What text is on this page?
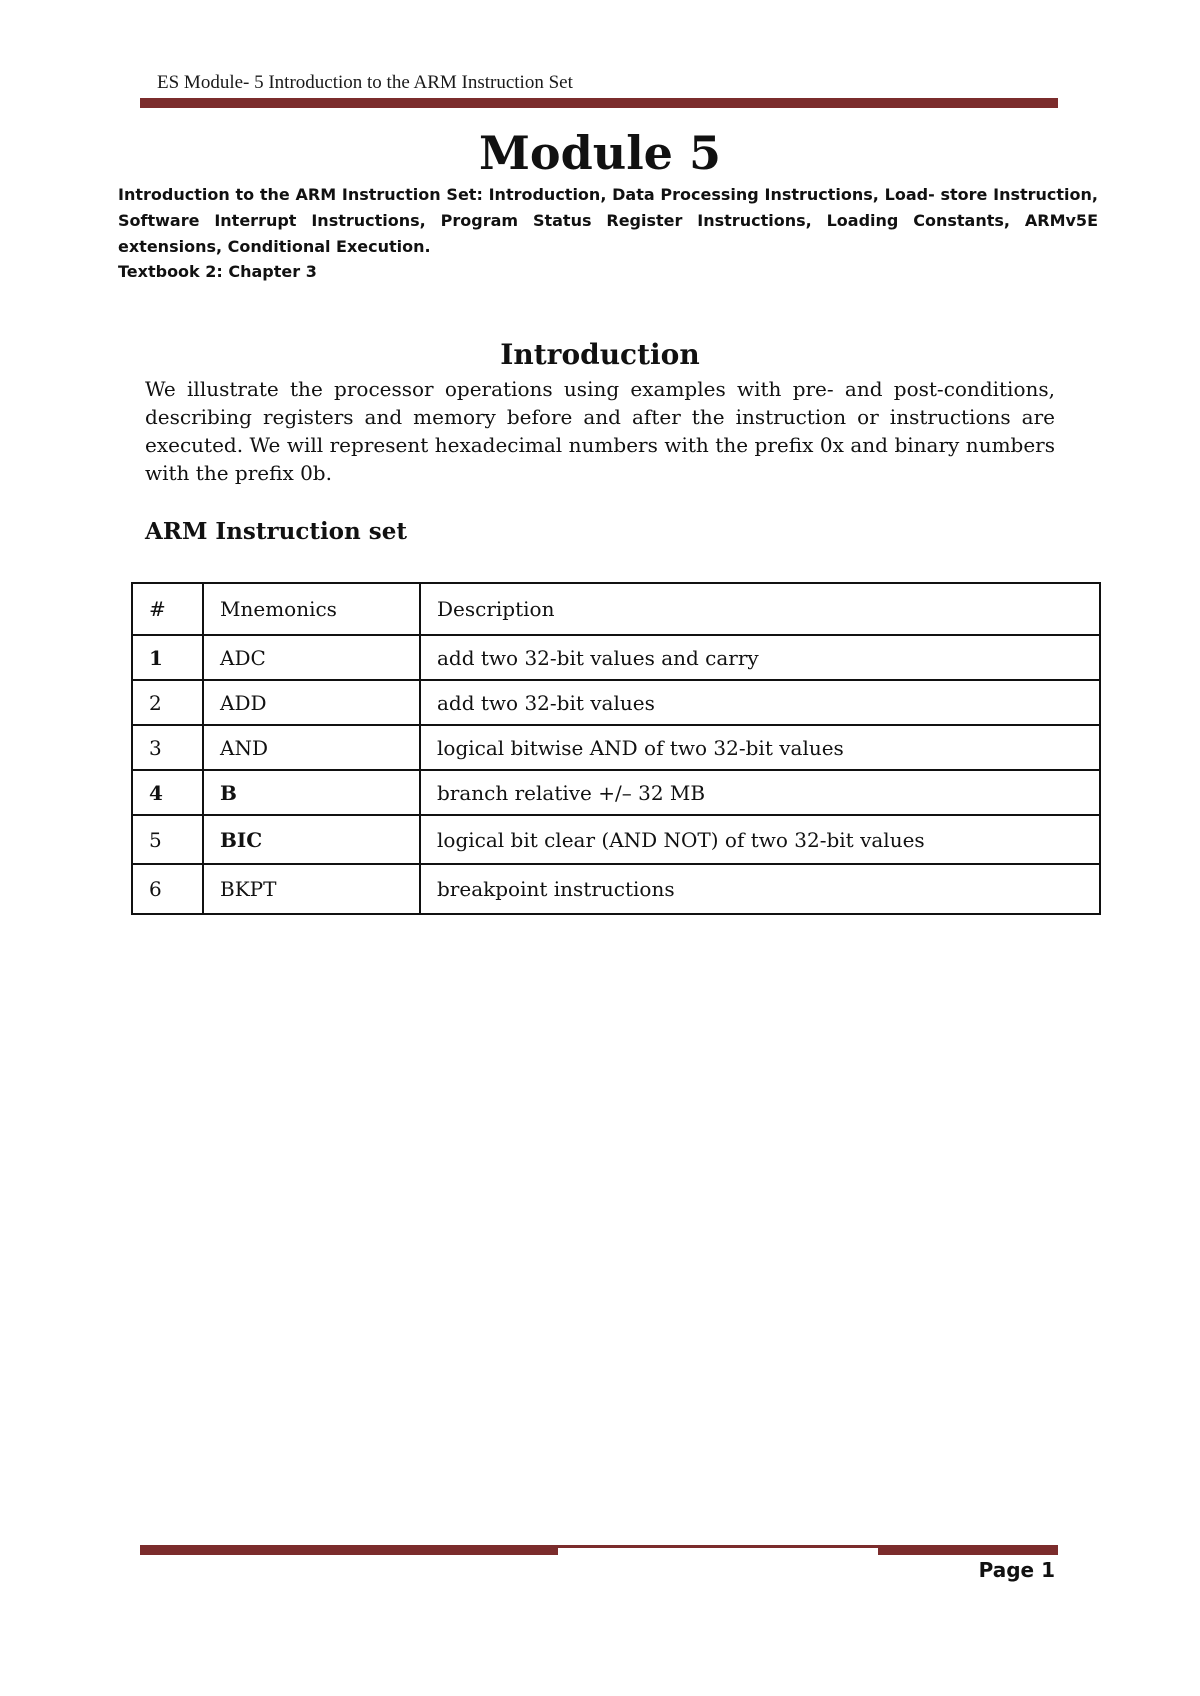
ES Module- 5 Introduction to the ARM Instruction Set
Module 5
Introduction to the ARM Instruction Set: Introduction, Data Processing Instructions, Load- store Instruction, Software Interrupt Instructions, Program Status Register Instructions, Loading Constants, ARMv5E extensions, Conditional Execution.
Textbook 2: Chapter 3
Introduction
We illustrate the processor operations using examples with pre- and post-conditions, describing registers and memory before and after the instruction or instructions are executed. We will represent hexadecimal numbers with the prefix 0x and binary numbers with the prefix 0b.
ARM Instruction set
#	Mnemonics	Description
1	ADC	add two 32-bit values and carry
2	ADD	add two 32-bit values
3	AND	logical bitwise AND of two 32-bit values
4	B	branch relative +/– 32 MB
5	BIC	logical bit clear (AND NOT) of two 32-bit values
6	BKPT	breakpoint instructions
Page 1
